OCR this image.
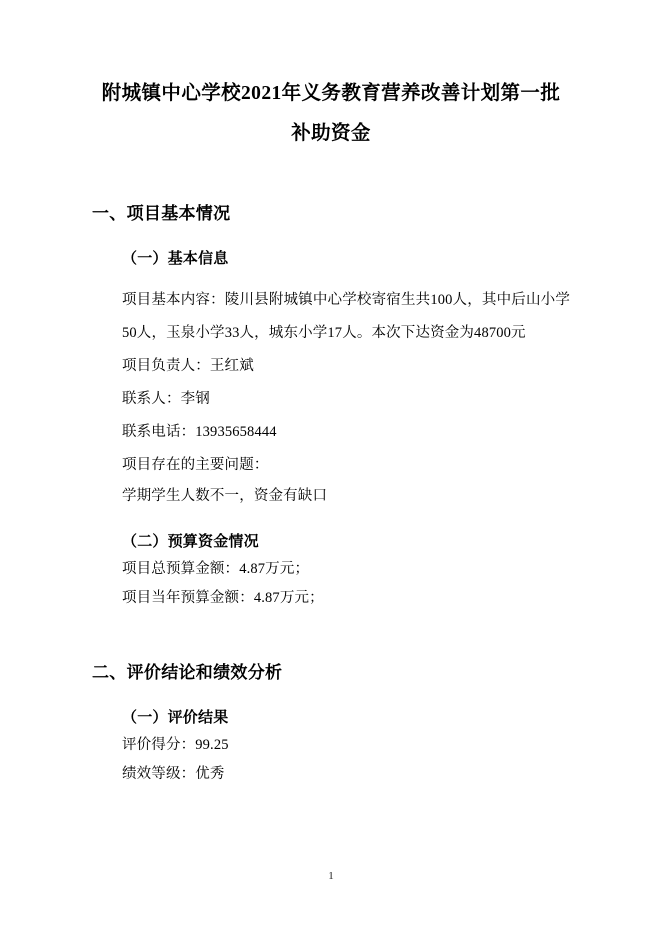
附城镇中心学校2021年义务教育营养改善计划第一批补助资金
一、项目基本情况
（一）基本信息

项目基本内容：陵川县附城镇中心学校寄宿生共100人，其中后山小学50人，玉泉小学33人，城东小学17人。本次下达资金为48700元

项目负责人：王红斌

联系人：李钢

联系电话：13935658444

项目存在的主要问题：

学期学生人数不一，资金有缺口

（二）预算资金情况

项目总预算金额：4.87万元；

项目当年预算金额：4.87万元；

二、评价结论和绩效分析
（一）评价结果

评价得分：99.25

绩效等级：优秀

1
